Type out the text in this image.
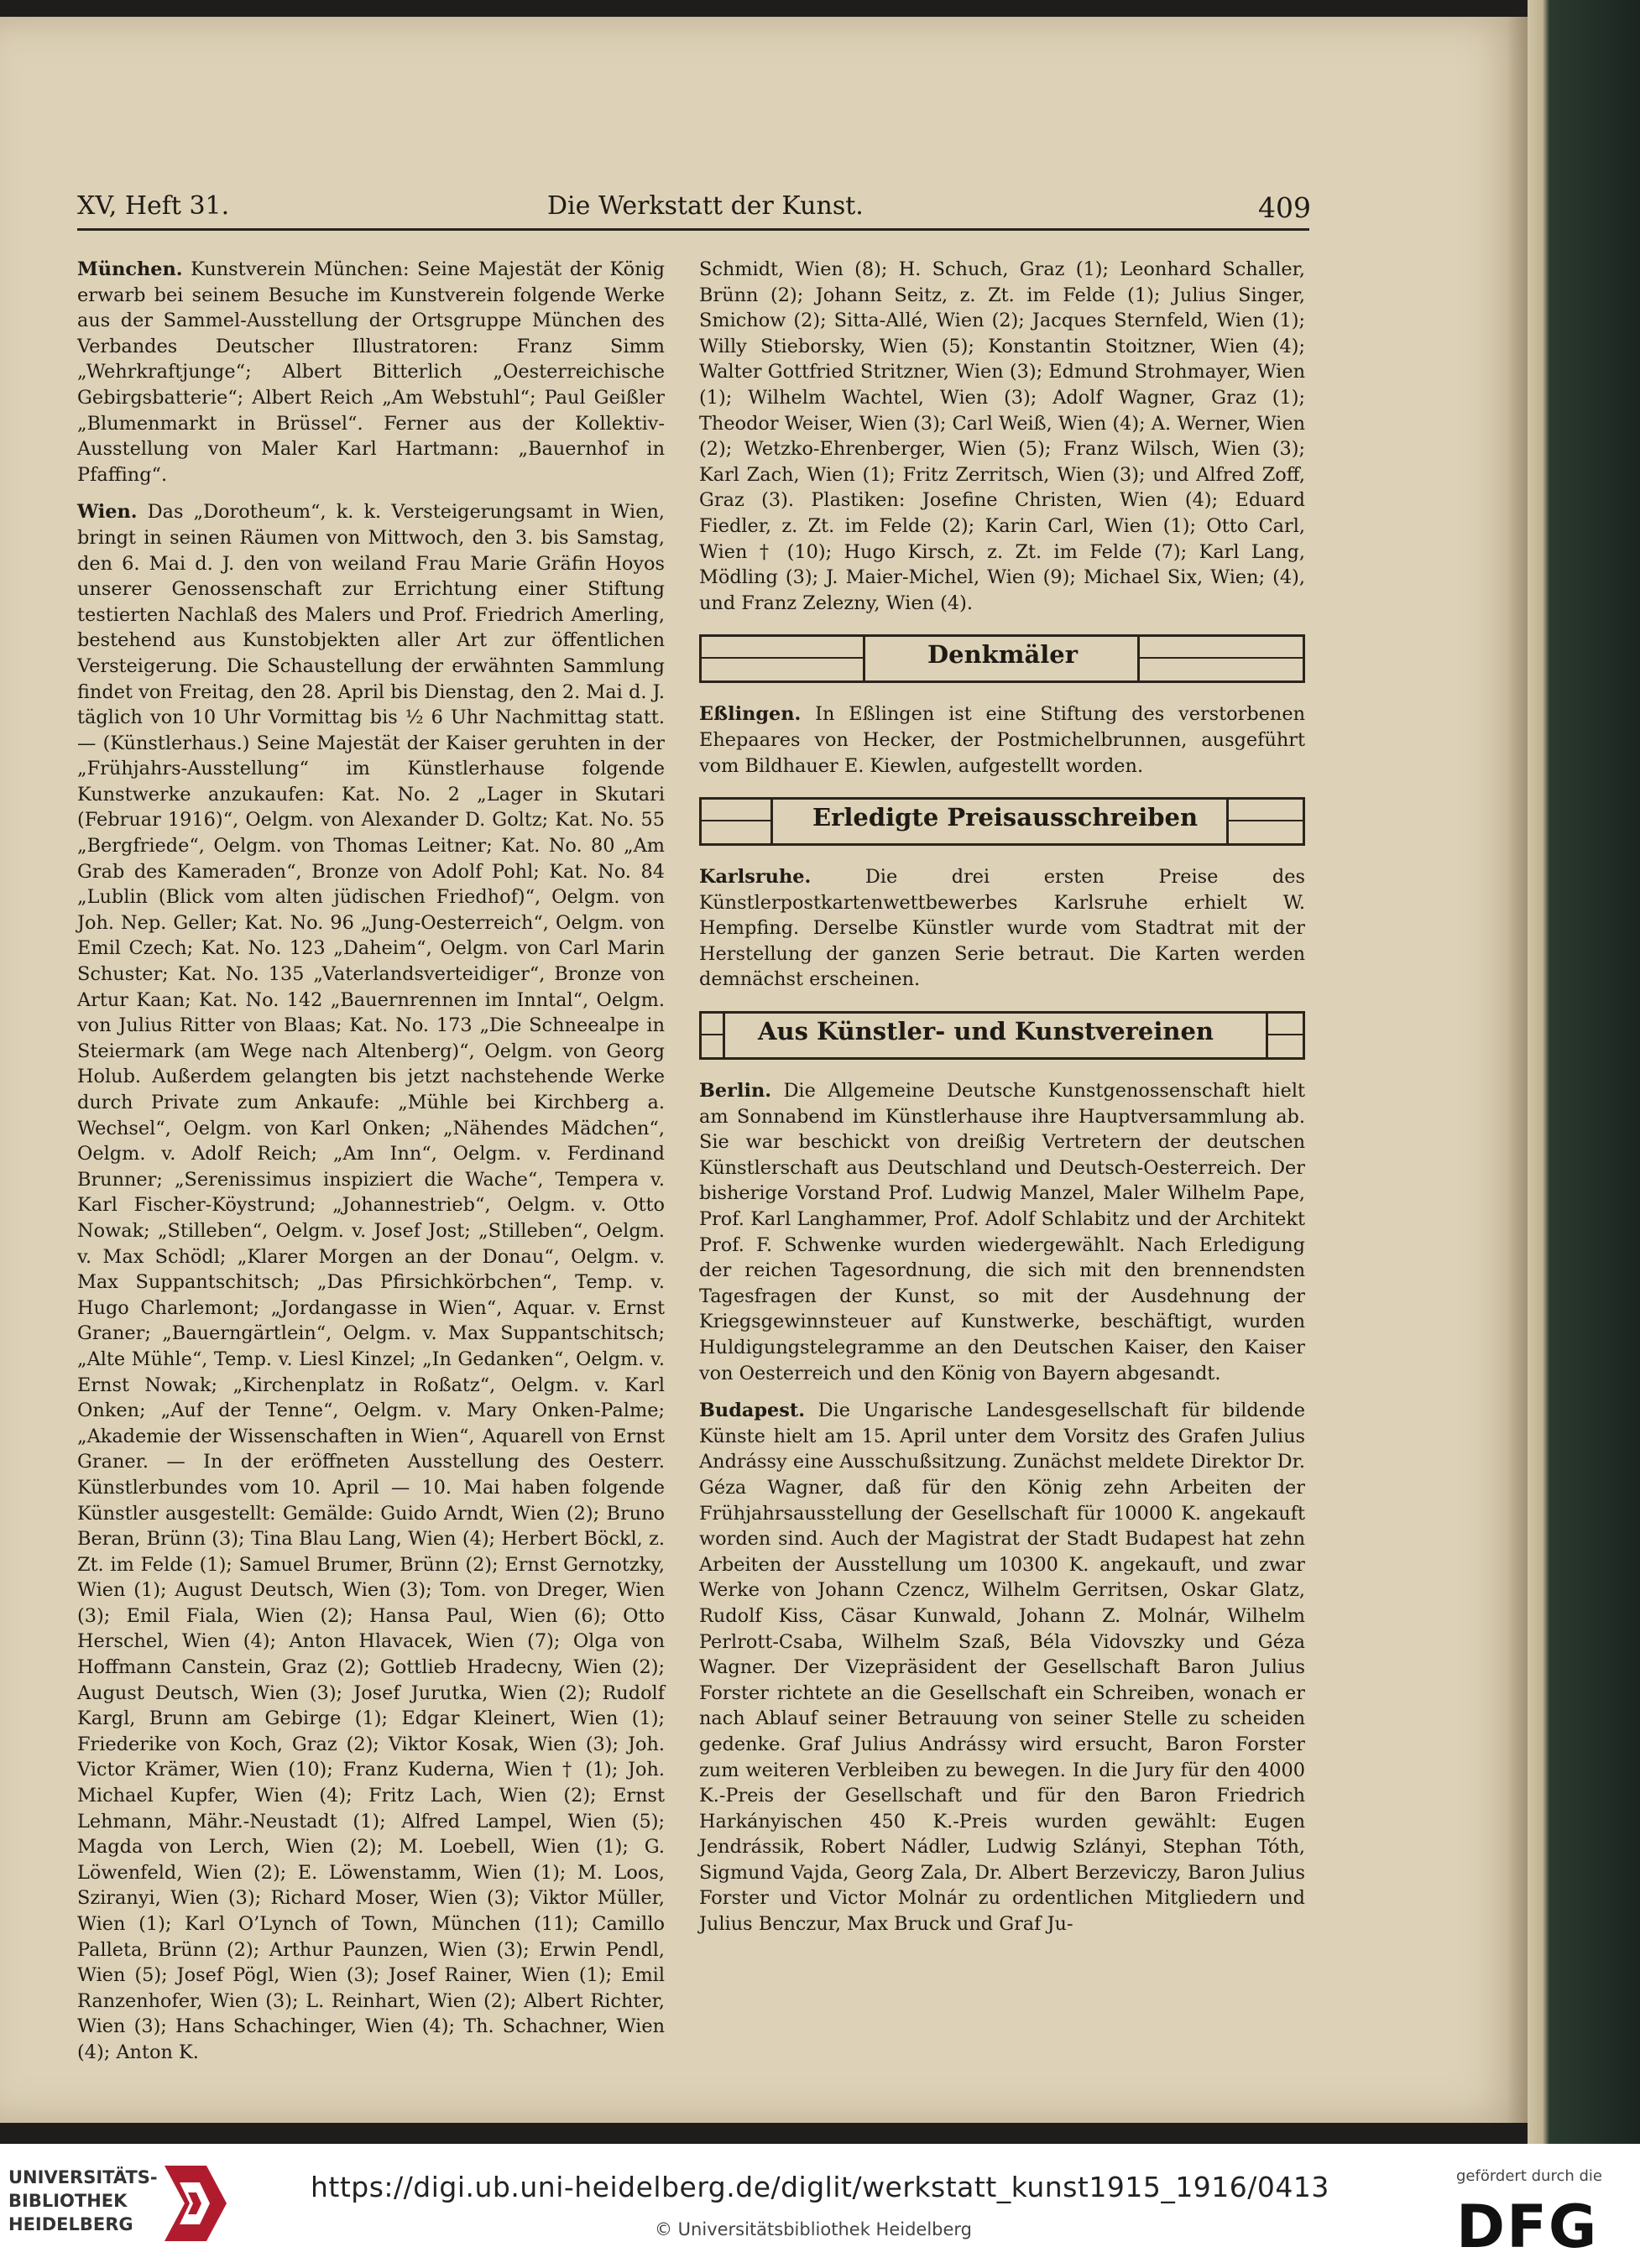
XV, Heft 31.	Die Werkstatt der Kunst.	409

München. Kunstverein München: Seine Majestät der König erwarb bei seinem Besuche im Kunstverein folgende Werke aus der Sammel-Ausstellung der Ortsgruppe München des Verbandes Deutscher Illustratoren: Franz Simm „Wehrkraftjunge“; Albert Bitterlich „Oesterreichische Gebirgsbatterie“; Albert Reich „Am Webstuhl“; Paul Geißler „Blumenmarkt in Brüssel“. Ferner aus der Kollektiv-Ausstellung von Maler Karl Hartmann: „Bauernhof in Pfaffing“.

Wien. Das „Dorotheum“, k. k. Versteigerungsamt in Wien, bringt in seinen Räumen von Mittwoch, den 3. bis Samstag, den 6. Mai d. J. den von weiland Frau Marie Gräfin Hoyos unserer Genossenschaft zur Errichtung einer Stiftung testierten Nachlaß des Malers und Prof. Friedrich Amerling, bestehend aus Kunstobjekten aller Art zur öffentlichen Versteigerung. Die Schaustellung der erwähnten Sammlung findet von Freitag, den 28. April bis Dienstag, den 2. Mai d. J. täglich von 10 Uhr Vormittag bis ½ 6 Uhr Nachmittag statt. — (Künstlerhaus.) Seine Majestät der Kaiser geruhten in der „Frühjahrs-Ausstellung“ im Künstlerhause folgende Kunstwerke anzukaufen: Kat. No. 2 „Lager in Skutari (Februar 1916)“, Oelgm. von Alexander D. Goltz; Kat. No. 55 „Bergfriede“, Oelgm. von Thomas Leitner; Kat. No. 80 „Am Grab des Kameraden“, Bronze von Adolf Pohl; Kat. No. 84 „Lublin (Blick vom alten jüdischen Friedhof)“, Oelgm. von Joh. Nep. Geller; Kat. No. 96 „Jung-Oesterreich“, Oelgm. von Emil Czech; Kat. No. 123 „Daheim“, Oelgm. von Carl Marin Schuster; Kat. No. 135 „Vaterlandsverteidiger“, Bronze von Artur Kaan; Kat. No. 142 „Bauernrennen im Inntal“, Oelgm. von Julius Ritter von Blaas; Kat. No. 173 „Die Schneealpe in Steiermark (am Wege nach Altenberg)“, Oelgm. von Georg Holub. Außerdem gelangten bis jetzt nachstehende Werke durch Private zum Ankaufe: „Mühle bei Kirchberg a. Wechsel“, Oelgm. von Karl Onken; „Nähendes Mädchen“, Oelgm. v. Adolf Reich; „Am Inn“, Oelgm. v. Ferdinand Brunner; „Serenissimus inspiziert die Wache“, Tempera v. Karl Fischer-Köystrund; „Johannestrieb“, Oelgm. v. Otto Nowak; „Stilleben“, Oelgm. v. Josef Jost; „Stilleben“, Oelgm. v. Max Schödl; „Klarer Morgen an der Donau“, Oelgm. v. Max Suppantschitsch; „Das Pfirsichkörbchen“, Temp. v. Hugo Charlemont; „Jordangasse in Wien“, Aquar. v. Ernst Graner; „Bauerngärtlein“, Oelgm. v. Max Suppantschitsch; „Alte Mühle“, Temp. v. Liesl Kinzel; „In Gedanken“, Oelgm. v. Ernst Nowak; „Kirchenplatz in Roßatz“, Oelgm. v. Karl Onken; „Auf der Tenne“, Oelgm. v. Mary Onken-Palme; „Akademie der Wissenschaften in Wien“, Aquarell von Ernst Graner. — In der eröffneten Ausstellung des Oesterr. Künstlerbundes vom 10. April — 10. Mai haben folgende Künstler ausgestellt: Gemälde: Guido Arndt, Wien (2); Bruno Beran, Brünn (3); Tina Blau Lang, Wien (4); Herbert Böckl, z. Zt. im Felde (1); Samuel Brumer, Brünn (2); Ernst Gernotzky, Wien (1); August Deutsch, Wien (3); Tom. von Dreger, Wien (3); Emil Fiala, Wien (2); Hansa Paul, Wien (6); Otto Herschel, Wien (4); Anton Hlavacek, Wien (7); Olga von Hoffmann Canstein, Graz (2); Gottlieb Hradecny, Wien (2); August Deutsch, Wien (3); Josef Jurutka, Wien (2); Rudolf Kargl, Brunn am Gebirge (1); Edgar Kleinert, Wien (1); Friederike von Koch, Graz (2); Viktor Kosak, Wien (3); Joh. Victor Krämer, Wien (10); Franz Kuderna, Wien † (1); Joh. Michael Kupfer, Wien (4); Fritz Lach, Wien (2); Ernst Lehmann, Mähr.-Neustadt (1); Alfred Lampel, Wien (5); Magda von Lerch, Wien (2); M. Loebell, Wien (1); G. Löwenfeld, Wien (2); E. Löwenstamm, Wien (1); M. Loos, Sziranyi, Wien (3); Richard Moser, Wien (3); Viktor Müller, Wien (1); Karl O’Lynch of Town, München (11); Camillo Palleta, Brünn (2); Arthur Paunzen, Wien (3); Erwin Pendl, Wien (5); Josef Pögl, Wien (3); Josef Rainer, Wien (1); Emil Ranzenhofer, Wien (3); L. Reinhart, Wien (2); Albert Richter, Wien (3); Hans Schachinger, Wien (4); Th. Schachner, Wien (4); Anton K.

Schmidt, Wien (8); H. Schuch, Graz (1); Leonhard Schaller, Brünn (2); Johann Seitz, z. Zt. im Felde (1); Julius Singer, Smichow (2); Sitta-Allé, Wien (2); Jacques Sternfeld, Wien (1); Willy Stieborsky, Wien (5); Konstantin Stoitzner, Wien (4); Walter Gottfried Stritzner, Wien (3); Edmund Strohmayer, Wien (1); Wilhelm Wachtel, Wien (3); Adolf Wagner, Graz (1); Theodor Weiser, Wien (3); Carl Weiß, Wien (4); A. Werner, Wien (2); Wetzko-Ehrenberger, Wien (5); Franz Wilsch, Wien (3); Karl Zach, Wien (1); Fritz Zerritsch, Wien (3); und Alfred Zoff, Graz (3). Plastiken: Josefine Christen, Wien (4); Eduard Fiedler, z. Zt. im Felde (2); Karin Carl, Wien (1); Otto Carl, Wien † (10); Hugo Kirsch, z. Zt. im Felde (7); Karl Lang, Mödling (3); J. Maier-Michel, Wien (9); Michael Six, Wien; (4), und Franz Zelezny, Wien (4).

Denkmäler

Eßlingen. In Eßlingen ist eine Stiftung des verstorbenen Ehepaares von Hecker, der Postmichelbrunnen, ausgeführt vom Bildhauer E. Kiewlen, aufgestellt worden.

Erledigte Preisausschreiben

Karlsruhe.	Die drei ersten Preise des Künstlerpostkartenwettbewerbes Karlsruhe erhielt W. Hempfing. Derselbe Künstler wurde vom Stadtrat mit der Herstellung der ganzen Serie betraut. Die Karten werden demnächst erscheinen.

Aus Künstler- und Kunstvereinen

Berlin. Die Allgemeine Deutsche Kunstgenossenschaft hielt am Sonnabend im Künstlerhause ihre Hauptversammlung ab. Sie war beschickt von dreißig Vertretern der deutschen Künstlerschaft aus Deutschland und Deutsch-Oesterreich. Der bisherige Vorstand Prof. Ludwig Manzel, Maler Wilhelm Pape, Prof. Karl Langhammer, Prof. Adolf Schlabitz und der Architekt Prof. F. Schwenke wurden wiedergewählt. Nach Erledigung der reichen Tagesordnung, die sich mit den brennendsten Tagesfragen der Kunst, so mit der Ausdehnung der Kriegsgewinnsteuer auf Kunstwerke, beschäftigt, wurden Huldigungstelegramme an den Deutschen Kaiser, den Kaiser von Oesterreich und den König von Bayern abgesandt.

Budapest. Die Ungarische Landesgesellschaft für bildende Künste hielt am 15. April unter dem Vorsitz des Grafen Julius Andrássy eine Ausschußsitzung. Zunächst meldete Direktor Dr. Géza Wagner, daß für den König zehn Arbeiten der Frühjahrsausstellung der Gesellschaft für 10000 K. angekauft worden sind. Auch der Magistrat der Stadt Budapest hat zehn Arbeiten der Ausstellung um 10300 K. angekauft, und zwar Werke von Johann Czencz, Wilhelm Gerritsen, Oskar Glatz, Rudolf Kiss, Cäsar Kunwald, Johann Z. Molnár, Wilhelm Perlrott-Csaba, Wilhelm Szaß, Béla Vidovszky und Géza Wagner. Der Vizepräsident der Gesellschaft Baron Julius Forster richtete an die Gesellschaft ein Schreiben, wonach er nach Ablauf seiner Betrauung von seiner Stelle zu scheiden gedenke. Graf Julius Andrássy wird ersucht, Baron Forster zum weiteren Verbleiben zu bewegen. In die Jury für den 4000 K.-Preis der Gesellschaft und für den Baron Friedrich Harkányischen 450 K.-Preis wurden gewählt: Eugen Jendrássik, Robert Nádler, Ludwig Szlányi, Stephan Tóth, Sigmund Vajda, Georg Zala, Dr. Albert Berzeviczy, Baron Julius Forster und Victor Molnár zu ordentlichen Mitgliedern und Julius Benczur, Max Bruck und Graf Ju-

UNIVERSITÄTS-
BIBLIOTHEK
HEIDELBERG
https://digi.ub.uni-heidelberg.de/diglit/werkstatt_kunst1915_1916/0413
© Universitätsbibliothek Heidelberg
gefördert durch die
DFG
